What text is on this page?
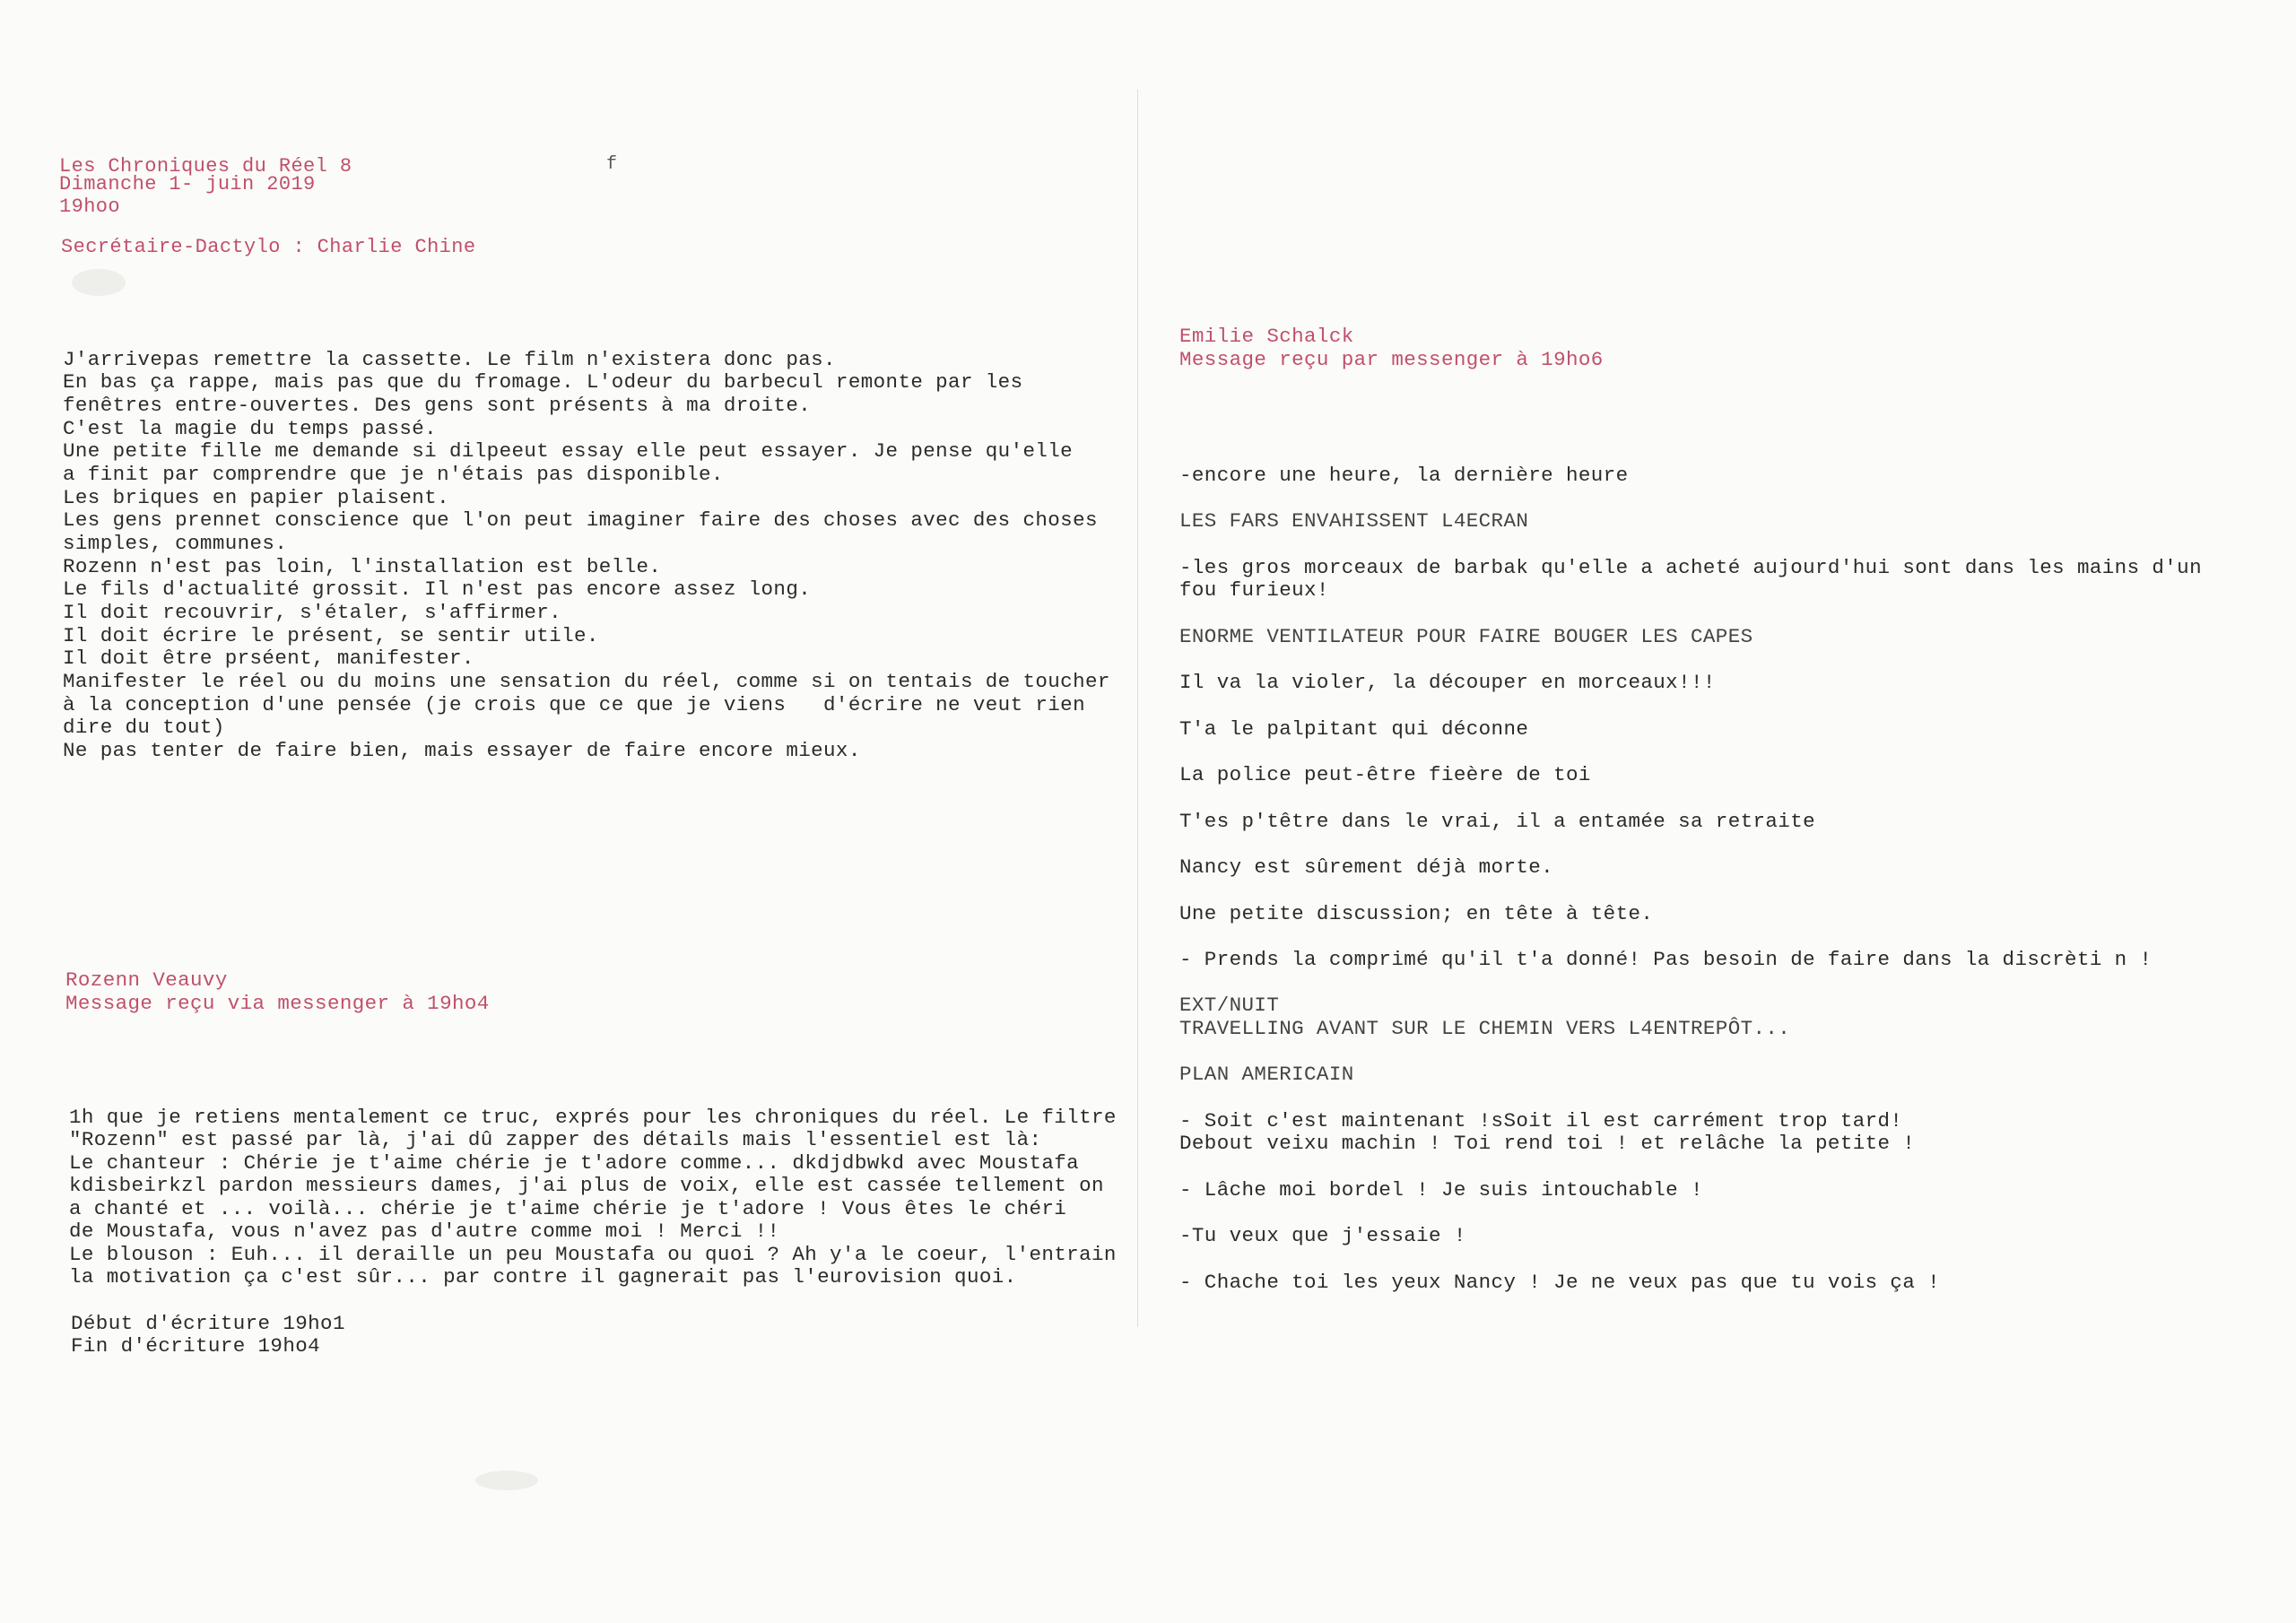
Les Chroniques du Réel 8
Dimanche 1- juin 2019
19hoo
f
Secrétaire-Dactylo : Charlie Chine
J'arrivepas remettre la cassette. Le film n'existera donc pas.
En bas ça rappe, mais pas que du fromage. L'odeur du barbecul remonte par les
fenêtres entre-ouvertes. Des gens sont présents à ma droite.
C'est la magie du temps passé.
Une petite fille me demande si dilpeeut essay elle peut essayer. Je pense qu'elle
a finit par comprendre que je n'étais pas disponible.
Les briques en papier plaisent.
Les gens prennet conscience que l'on peut imaginer faire des choses avec des choses
simples, communes.
Rozenn n'est pas loin, l'installation est belle.
Le fils d'actualité grossit. Il n'est pas encore assez long.
Il doit recouvrir, s'étaler, s'affirmer.
Il doit écrire le présent, se sentir utile.
Il doit être prséent, manifester.
Manifester le réel ou du moins une sensation du réel, comme si on tentais de toucher
à la conception d'une pensée (je crois que ce que je viens   d'écrire ne veut rien
dire du tout)
Ne pas tenter de faire bien, mais essayer de faire encore mieux.
Rozenn Veauvy
Message reçu via messenger à 19ho4
1h que je retiens mentalement ce truc, exprés pour les chroniques du réel. Le filtre
"Rozenn" est passé par là, j'ai dû zapper des détails mais l'essentiel est là:
Le chanteur : Chérie je t'aime chérie je t'adore comme... dkdjdbwkd avec Moustafa
kdisbeirkzl pardon messieurs dames, j'ai plus de voix, elle est cassée tellement on
a chanté et ... voilà... chérie je t'aime chérie je t'adore ! Vous êtes le chéri
de Moustafa, vous n'avez pas d'autre comme moi ! Merci !!
Le blouson : Euh... il deraille un peu Moustafa ou quoi ? Ah y'a le coeur, l'entrain
la motivation ça c'est sûr... par contre il gagnerait pas l'eurovision quoi.
Début d'écriture 19ho1
Fin d'écriture 19ho4
Emilie Schalck
Message reçu par messenger à 19ho6
-encore une heure, la dernière heure
LES FARS ENVAHISSENT L4ECRAN
-les gros morceaux de barbak qu'elle a acheté aujourd'hui sont dans les mains d'un
fou furieux!
ENORME VENTILATEUR POUR FAIRE BOUGER LES CAPES
Il va la violer, la découper en morceaux!!!
T'a le palpitant qui déconne
La police peut-être fieère de toi
T'es p'têtre dans le vrai, il a entamée sa retraite
Nancy est sûrement déjà morte.
Une petite discussion; en tête à tête.
- Prends la comprimé qu'il t'a donné! Pas besoin de faire dans la discrèti n !
EXT/NUIT
TRAVELLING AVANT SUR LE CHEMIN VERS L4ENTREPÔT...
PLAN AMERICAIN
- Soit c'est maintenant !sSoit il est carrément trop tard!
Debout veixu machin ! Toi rend toi ! et relâche la petite !
- Lâche moi bordel ! Je suis intouchable !
-Tu veux que j'essaie !
- Chache toi les yeux Nancy ! Je ne veux pas que tu vois ça !
